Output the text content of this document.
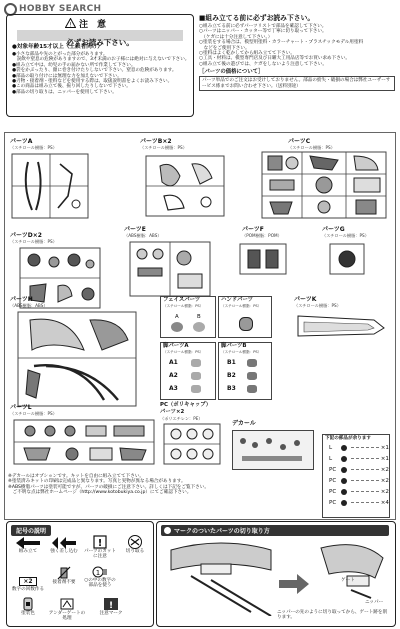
HOBBY SEARCH
! 注　意
必ずお読み下さい。
●対象年齢15才以上（上級者向け）
●小さな部品や先のとがった部分があります。
　誤飲や窒息の危険がありますので、3才未満のお子様には絶対に与えないで下さい。
●組み立て中は、幼児の手の届かない所で作業して下さい。
●袋をかぶったり、顔に巻き付けたりしないで下さい。窒息の危険があります。
●部品の取り付けには無理な力を加えないで下さい。
●刃物・接着剤・塗料などを使用する際は、取扱説明書をよくお読み下さい。
●この商品は組み立て後、振り回したりしないで下さい。
●部品の切り取りは、ニッパーを使用して下さい。
■組み立てる前に必ずお読み下さい。
○組み立てる前に必ずパーツリストで部品を確認して下さい。
○パーツはニッパー・カッター等で丁寧に切り取って下さい。
　（ケガには十分注意して下さい。）
○塗装をする場合は、模型用塗料・カラーチャート・プラスチックモデル用塗料
　などをご使用下さい。
○塗料はよく乾かしてから組み立てて下さい。
○工具・材料は、模型専門店及び日曜大工用品店等でお買い求め下さい。
○組み立て後の遊びでは、ケガをしないよう注意して下さい。
［パーツの価格について］
パーツ単品でのご注文はお受けしておりません。部品の紛失・破損の場合は弊社ユーザーサービス係までお問い合わせ下さい。（送料別途）
パーツA
（スチロール樹脂：PS）
パーツB×2
（スチロール樹脂：PS）
パーツC
（スチロール樹脂：PS）
パーツD×2
（スチロール樹脂：PS）
パーツE
（ABS樹脂：ABS）
パーツF
（POM樹脂：POM）
パーツG
（スチロール樹脂：PS）
パーツH
（ABS樹脂：ABS）
フェイスパーツ
（スチロール樹脂：PS）
A	B
ハンドパーツ
（スチロール樹脂：PS）
パーツK
（スチロール樹脂：PS）
脚パーツA
（スチロール樹脂：PS）
A1
A2
A3
脚パーツB
（スチロール樹脂：PS）
B1
B2
B3
パーツL
（スチロール樹脂：PS）
PC（ポリキャップ）
パーツ×2
（ポリエチレン：PE）
デカール
下記の部品が余ります
L	×1
L	×1
PC	×2
PC	×2
PC	×2
PC	×4
※デカールはオプションです。キットを自由に組み立てて下さい。
※塗装済みキットの印刷は完成品と異なります。写真と実物が異なる場合があります。
※ABS樹脂パーツは塗装可能ですが、パーツの破損にご注意下さい。詳しくは下記をご覧下さい。
　ご不明な点は弊社ホームページ（http://www.kotobukiya.co.jp）にてご確認下さい。
記号の説明
組み立て	強く差し込む
!
パーツのカットに注意
切り取る
×2
数字の回数作る
接着剤不要
1
○の中の数字の部品を使う
塗装色	アンダーゲートの処理
!
注意マーク
マークのついたパーツの切り取り方
ゲート
ニッパー
ニッパーの先のように切り取ってから、ゲート跡を削ります。
